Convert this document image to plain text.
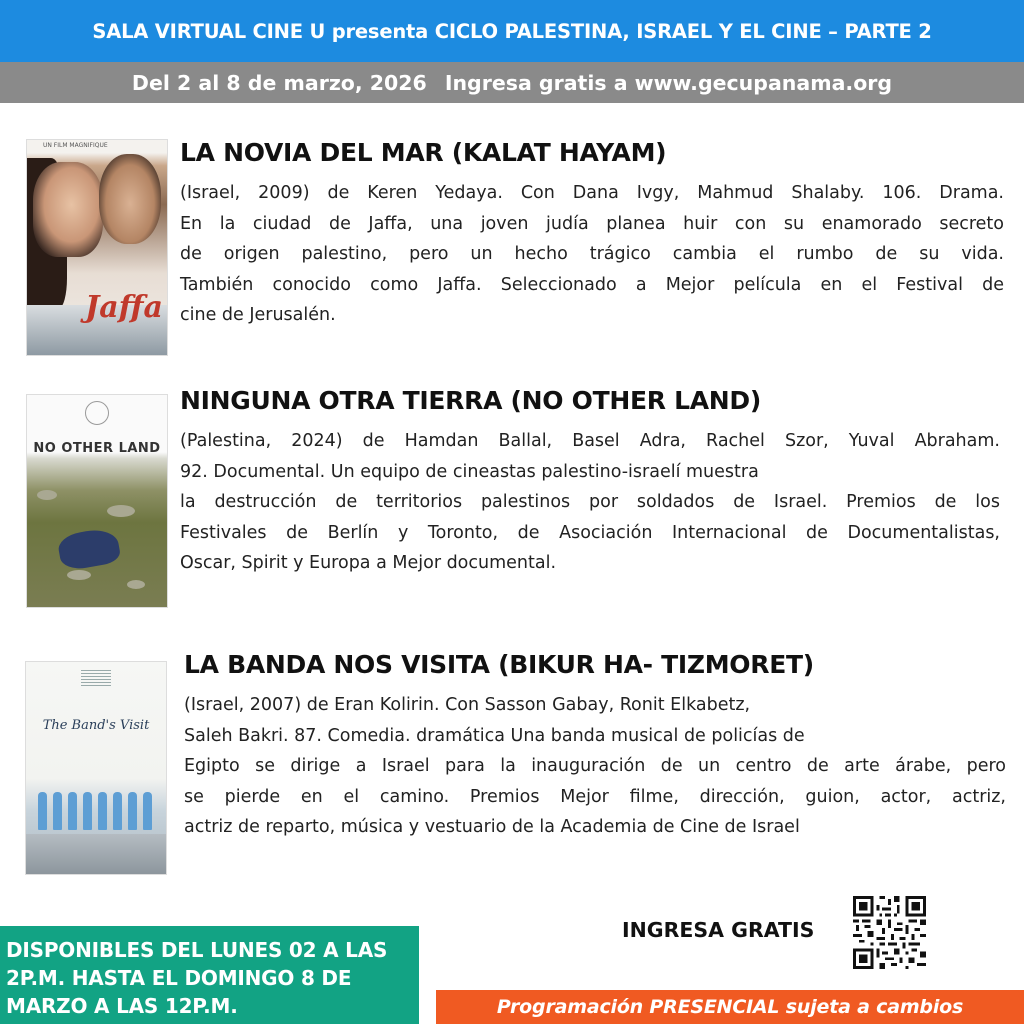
SALA VIRTUAL CINE U presenta CICLO PALESTINA, ISRAEL Y EL CINE – PARTE 2
Del 2 al 8 de marzo, 2026 Ingresa gratis a www.gecupanama.org
UN FILM MAGNIFIQUE
Jaffa
LA NOVIA DEL MAR (KALAT HAYAM)
(Israel, 2009) de Keren Yedaya. Con Dana Ivgy, Mahmud Shalaby. 106. Drama.
En la ciudad de Jaffa, una joven judía planea huir con su enamorado secreto
de origen palestino, pero un hecho trágico cambia el rumbo de su vida.
También conocido como Jaffa. Seleccionado a Mejor película en el Festival de
cine de Jerusalén.
NO OTHER LAND
NINGUNA OTRA TIERRA (NO OTHER LAND)
(Palestina, 2024) de Hamdan Ballal, Basel Adra, Rachel Szor, Yuval Abraham.
92. Documental. Un equipo de cineastas palestino-israelí muestra
la destrucción de territorios palestinos por soldados de Israel. Premios de los
Festivales de Berlín y Toronto, de Asociación Internacional de Documentalistas,
Oscar, Spirit y Europa a Mejor documental.
The Band's Visit
LA BANDA NOS VISITA (BIKUR HA- TIZMORET)
(Israel, 2007) de Eran Kolirin. Con Sasson Gabay, Ronit Elkabetz,
Saleh Bakri. 87. Comedia. dramática Una banda musical de policías de
Egipto se dirige a Israel para la inauguración de un centro de arte árabe, pero
se pierde en el camino. Premios Mejor filme, dirección, guion, actor, actriz,
actriz de reparto, música y vestuario de la Academia de Cine de Israel
DISPONIBLES DEL LUNES 02 A LAS
2P.M. HASTA EL DOMINGO 8 DE
MARZO A LAS 12P.M.
INGRESA GRATIS
Programación PRESENCIAL sujeta a cambios
